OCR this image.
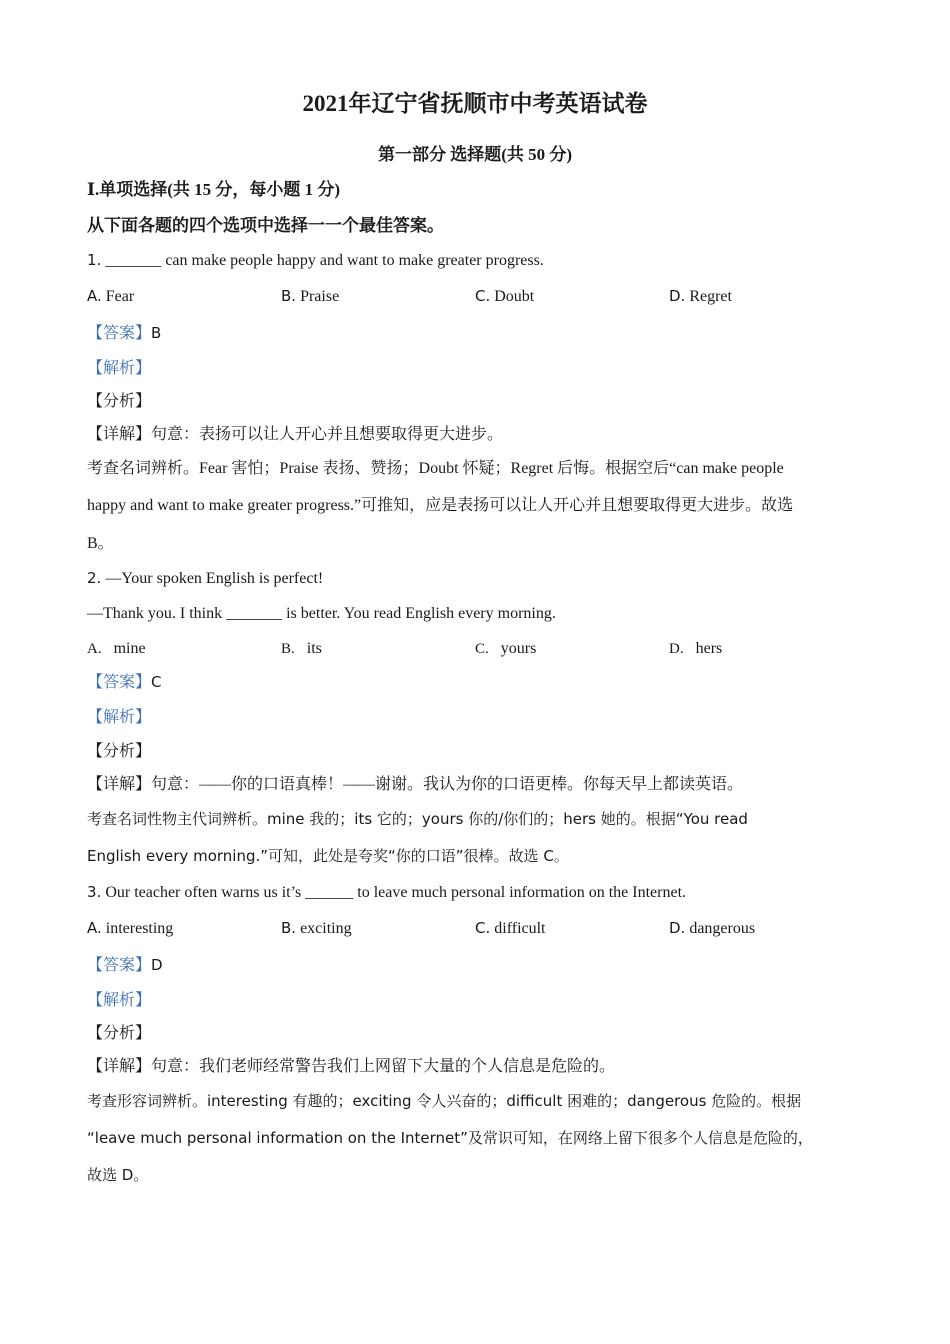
2021年辽宁省抚顺市中考英语试卷
第一部分 选择题(共 50 分)
Ⅰ.单项选择(共 15 分，每小题 1 分)
从下面各题的四个选项中选择一一个最佳答案。
1. _______ can make people happy and want to make greater progress.
A. Fear	B. Praise	C. Doubt	D. Regret
【答案】B
【解析】
【分析】
【详解】句意：表扬可以让人开心并且想要取得更大进步。
考查名词辨析。Fear 害怕；Praise 表扬、赞扬；Doubt 怀疑；Regret 后悔。根据空后“can make people
happy and want to make greater progress.”可推知，应是表扬可以让人开心并且想要取得更大进步。故选
B。
2. —Your spoken English is perfect!
—Thank you. I think _______ is better. You read English every morning.
A. mine	B. its	C. yours	D. hers
【答案】C
【解析】
【分析】
【详解】句意：——你的口语真棒！——谢谢。我认为你的口语更棒。你每天早上都读英语。
考查名词性物主代词辨析。mine 我的；its 它的；yours 你的/你们的；hers 她的。根据“You read
English every morning.”可知，此处是夸奖“你的口语”很棒。故选 C。
3. Our teacher often warns us it’s ______ to leave much personal information on the Internet.
A. interesting	B. exciting	C. difficult	D. dangerous
【答案】D
【解析】
【分析】
【详解】句意：我们老师经常警告我们上网留下大量的个人信息是危险的。
考查形容词辨析。interesting 有趣的；exciting 令人兴奋的；difficult 困难的；dangerous 危险的。根据
“leave much personal information on the Internet”及常识可知，在网络上留下很多个人信息是危险的，
故选 D。
